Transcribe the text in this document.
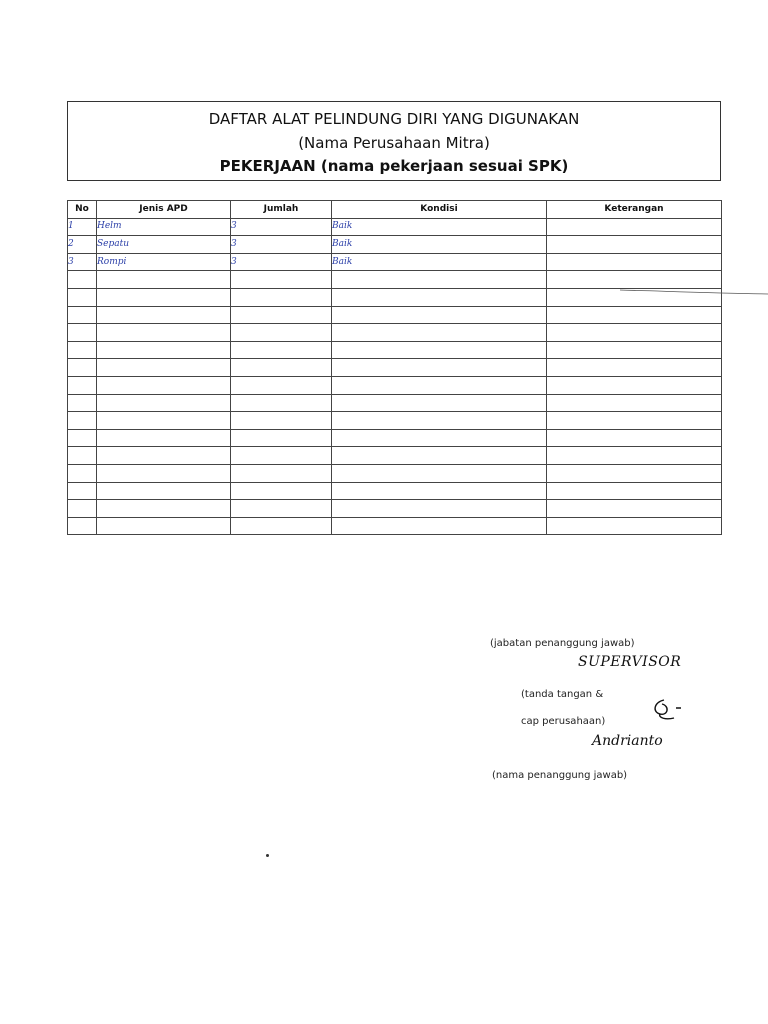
DAFTAR ALAT PELINDUNG DIRI YANG DIGUNAKAN
(Nama Perusahaan Mitra)
PEKERJAAN (nama pekerjaan sesuai SPK)
No	Jenis APD	Jumlah	Kondisi	Keterangan
1	Helm	3	Baik	
2	Sepatu	3	Baik	
3	Rompi	3	Baik	

(jabatan penanggung jawab)
SUPERVISOR
(tanda tangan &
cap perusahaan)
Andrianto
(nama penanggung jawab)
